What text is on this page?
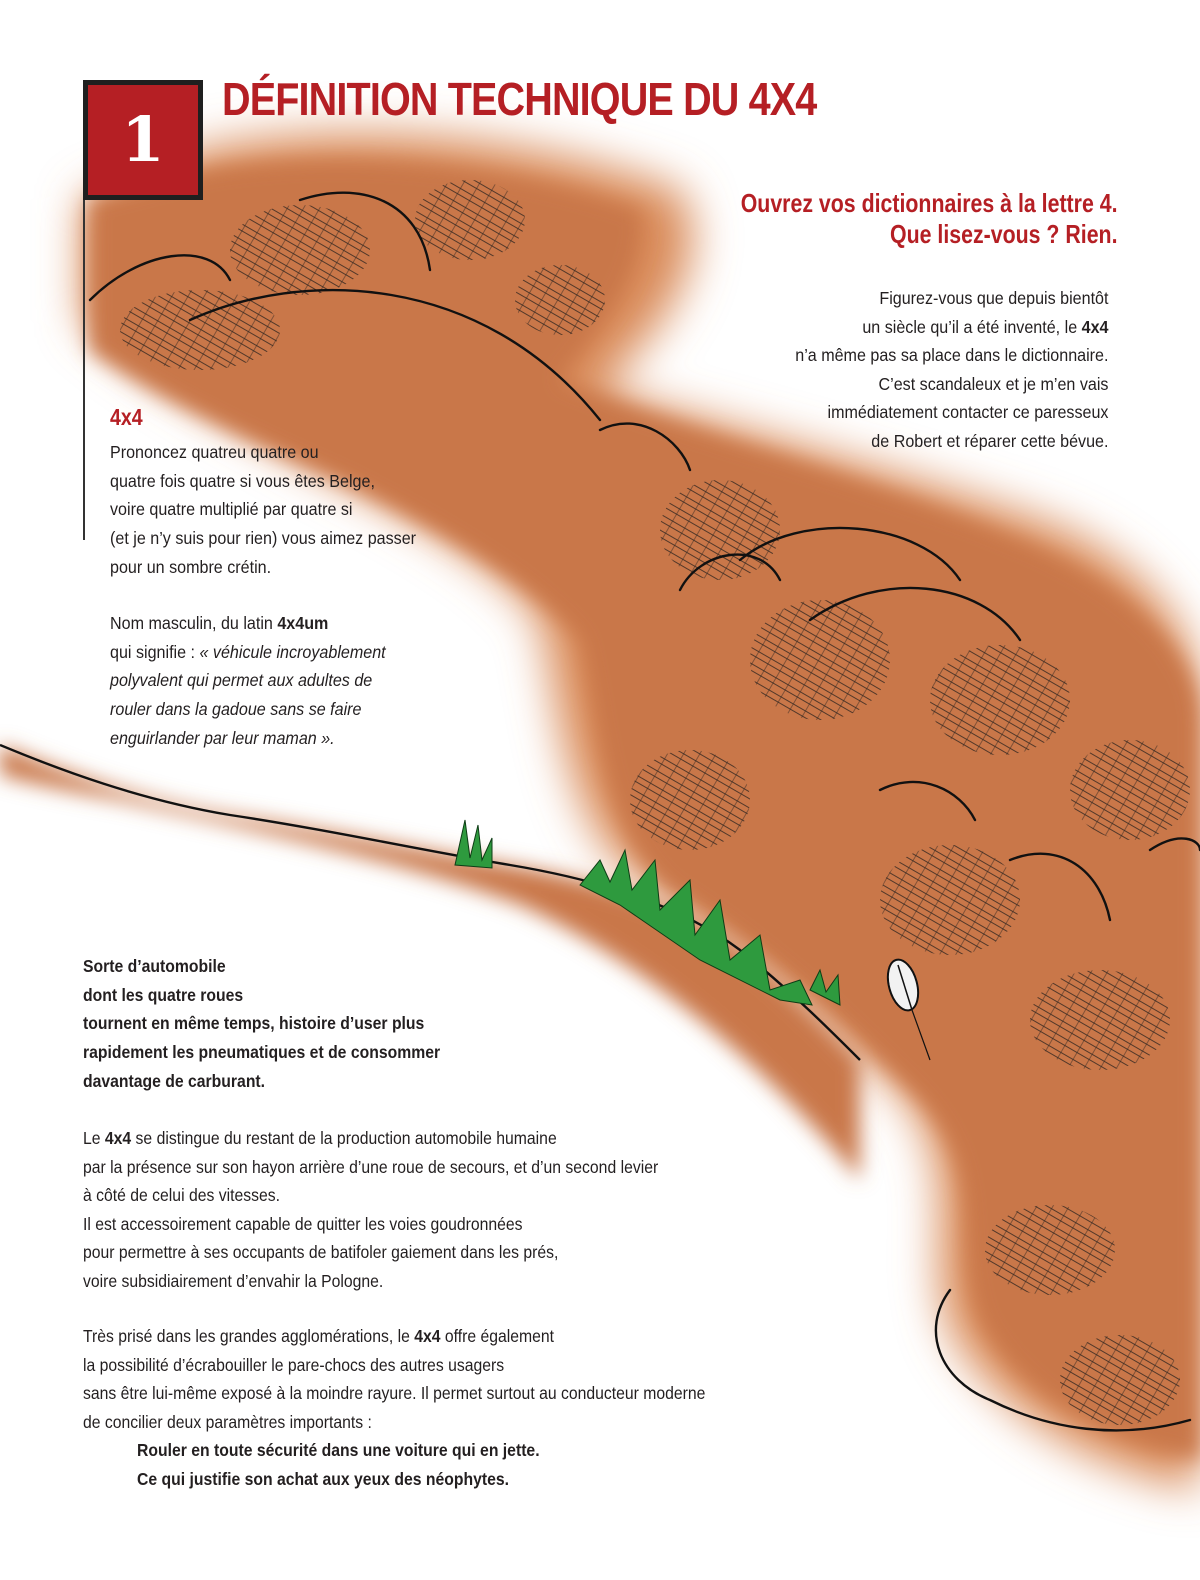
1
DÉFINITION TECHNIQUE DU 4X4
Ouvrez vos dictionnaires à la lettre 4.
Que lisez-vous ? Rien.
Figurez-vous que depuis bientôt
un siècle qu’il a été inventé, le 4x4
n’a même pas sa place dans le dictionnaire.
C’est scandaleux et je m’en vais
immédiatement contacter ce paresseux
de Robert et réparer cette bévue.
4x4
Prononcez quatreu quatre ou
quatre fois quatre si vous êtes Belge,
voire quatre multiplié par quatre si
(et je n’y suis pour rien) vous aimez passer
pour un sombre crétin.
Nom masculin, du latin 4x4um
qui signifie : « véhicule incroyablement
polyvalent qui permet aux adultes de
rouler dans la gadoue sans se faire
enguirlander par leur maman ».
Sorte d’automobile
dont les quatre roues
tournent en même temps, histoire d’user plus
rapidement les pneumatiques et de consommer
davantage de carburant.
Le 4x4 se distingue du restant de la production automobile humaine
par la présence sur son hayon arrière d’une roue de secours, et d’un second levier
à côté de celui des vitesses.
Il est accessoirement capable de quitter les voies goudronnées
pour permettre à ses occupants de batifoler gaiement dans les prés,
voire subsidiairement d’envahir la Pologne.
Très prisé dans les grandes agglomérations, le 4x4 offre également
la possibilité d’écrabouiller le pare-chocs des autres usagers
sans être lui-même exposé à la moindre rayure. Il permet surtout au conducteur moderne
de concilier deux paramètres importants :
Rouler en toute sécurité dans une voiture qui en jette.
Ce qui justifie son achat aux yeux des néophytes.
